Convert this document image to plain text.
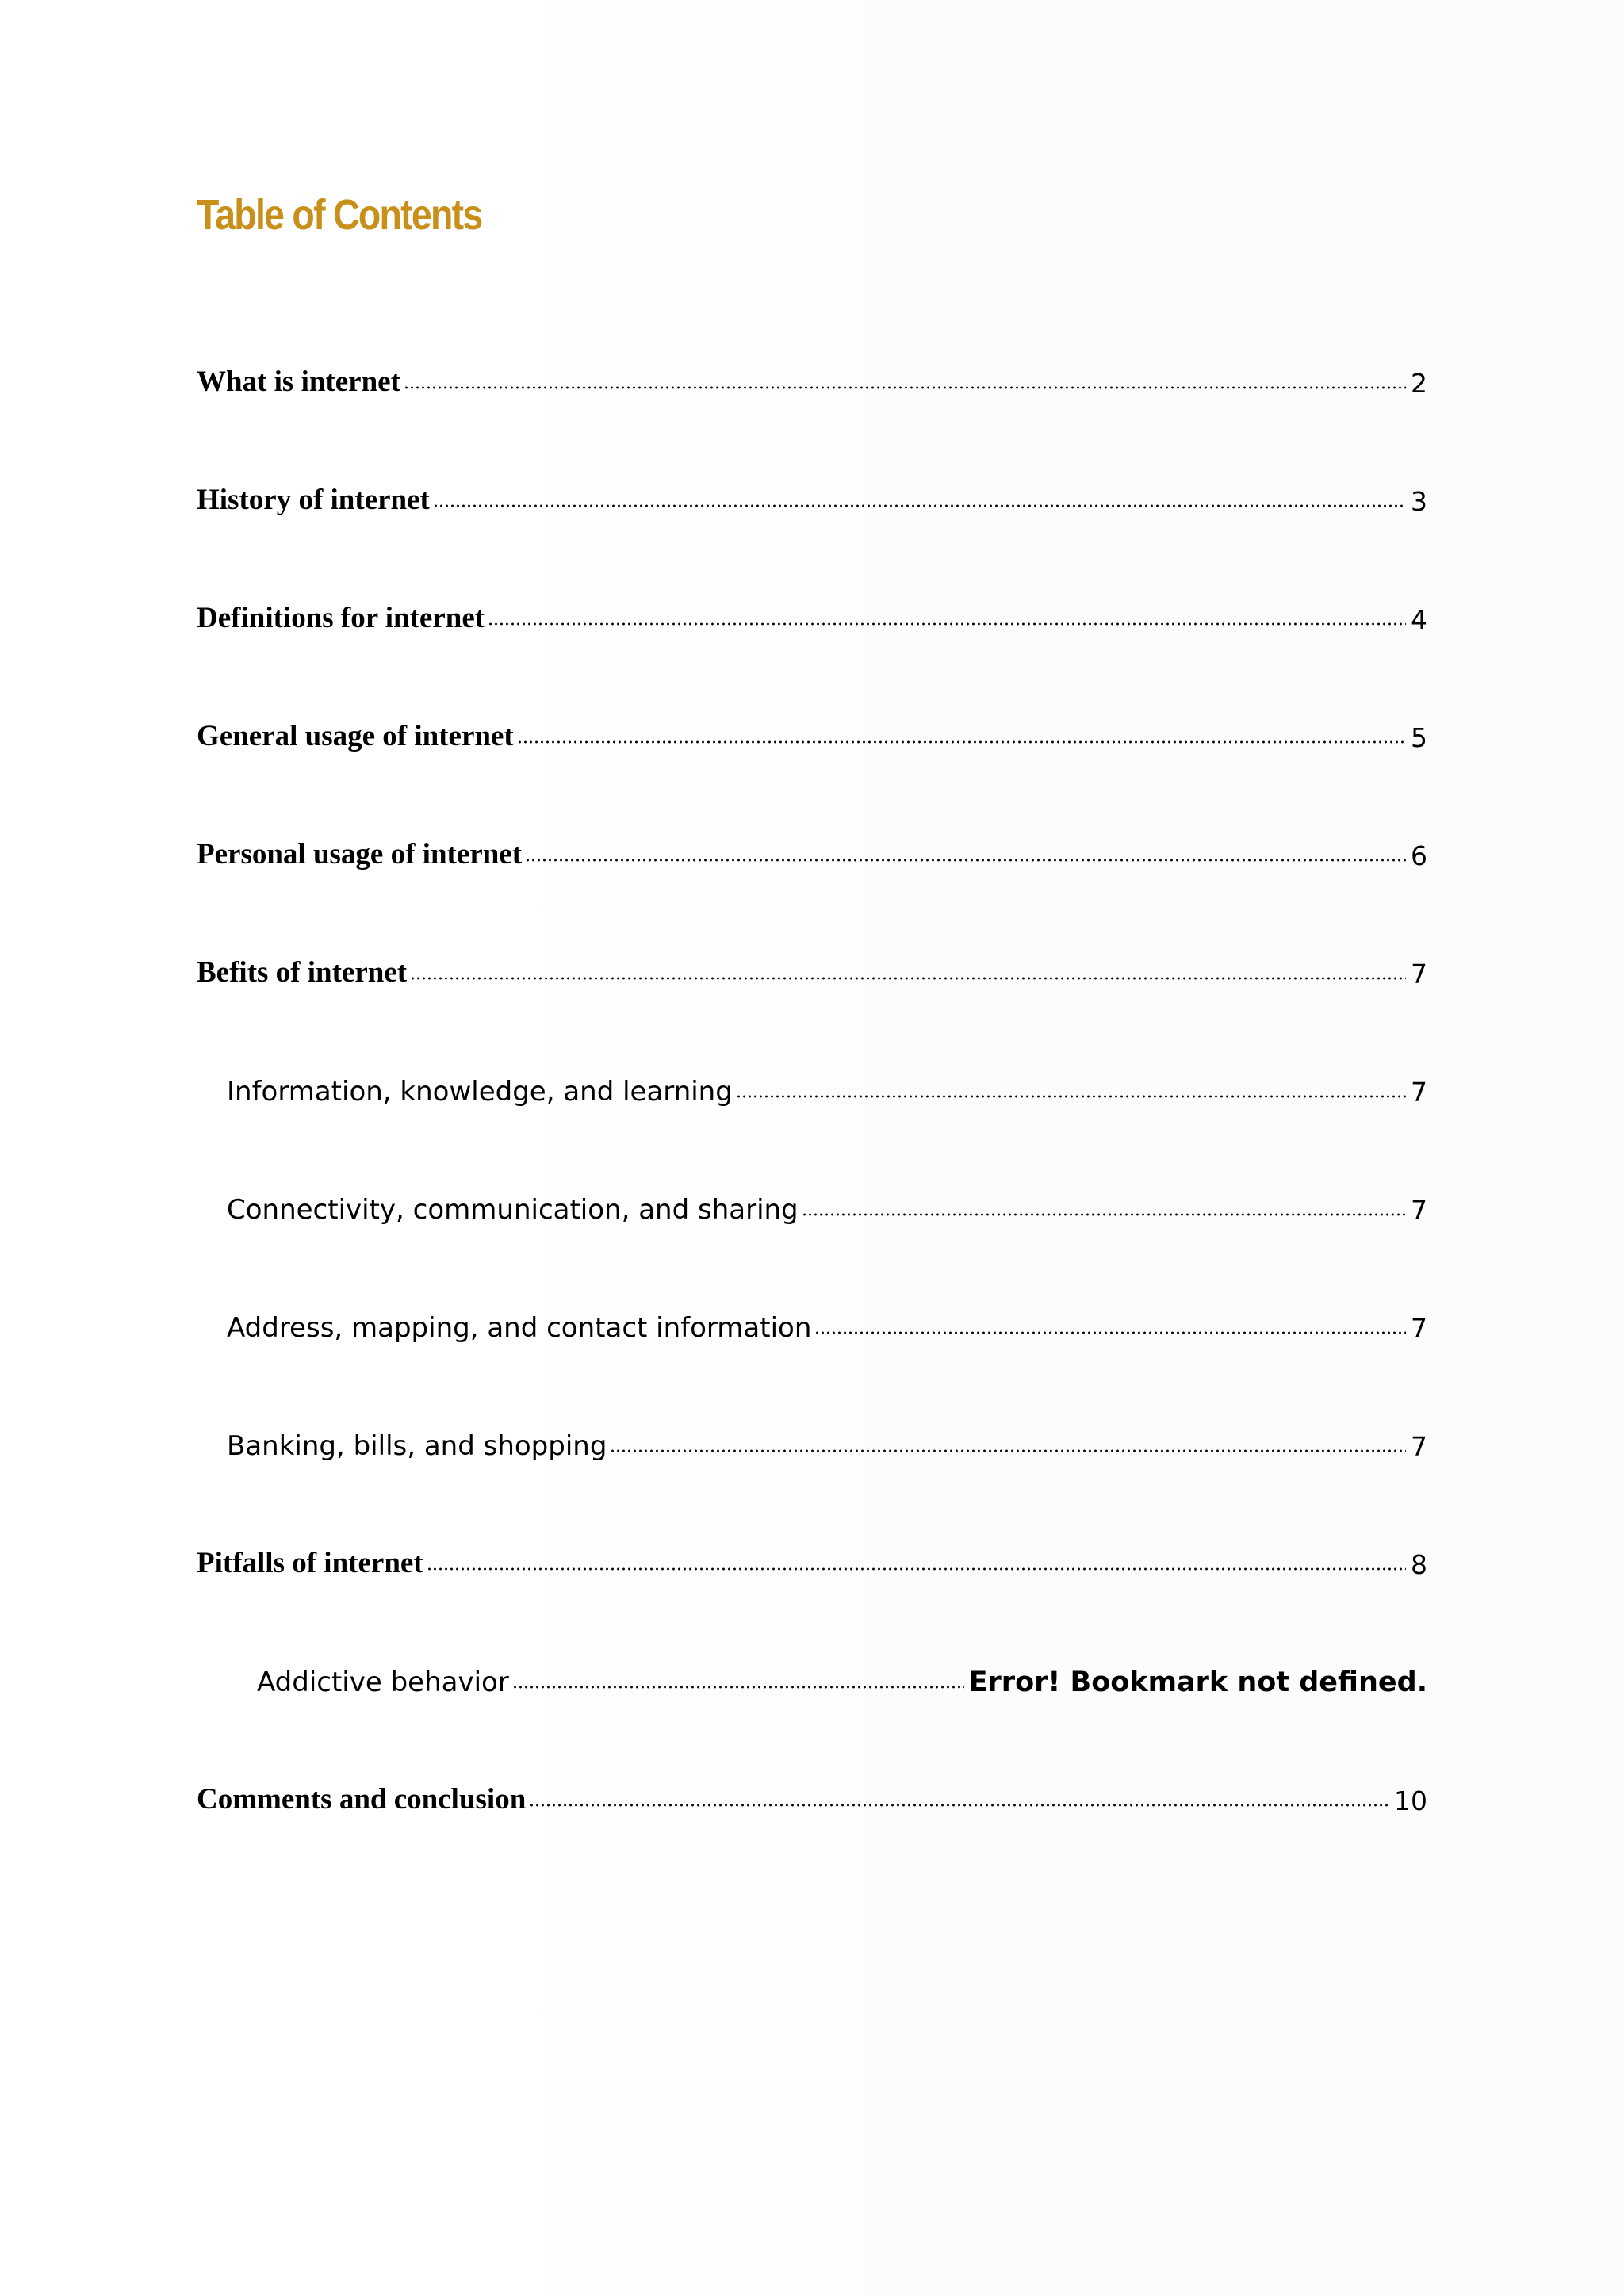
Table of Contents
What is internet	2
History of internet	3
Definitions for internet	4
General usage of internet	5
Personal usage of internet	6
Befits of internet	7
Information, knowledge, and learning	7
Connectivity, communication, and sharing	7
Address, mapping, and contact information	7
Banking, bills, and shopping	7
Pitfalls of internet	8
Addictive behavior	Error! Bookmark not defined.
Comments and conclusion	10
